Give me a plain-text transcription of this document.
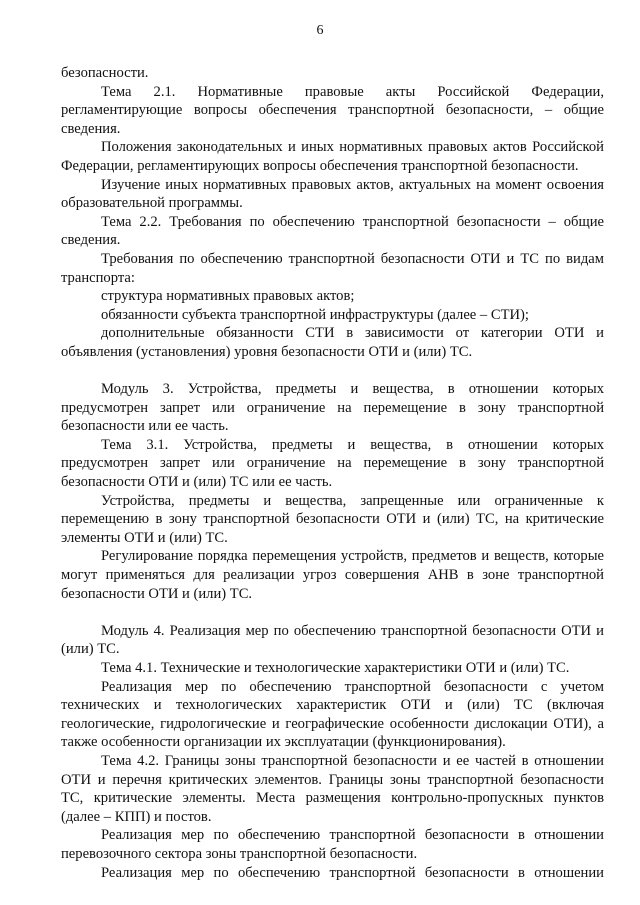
6

безопасности.

Тема 2.1. Нормативные правовые акты Российской Федерации, регламентирующие вопросы обеспечения транспортной безопасности, – общие сведения.

Положения законодательных и иных нормативных правовых актов Российской Федерации, регламентирующих вопросы обеспечения транспортной безопасности.

Изучение иных нормативных правовых актов, актуальных на момент освоения образовательной программы.

Тема 2.2. Требования по обеспечению транспортной безопасности – общие сведения.

Требования по обеспечению транспортной безопасности ОТИ и ТС по видам транспорта:

структура нормативных правовых актов;

обязанности субъекта транспортной инфраструктуры (далее – СТИ);

дополнительные обязанности СТИ в зависимости от категории ОТИ и объявления (установления) уровня безопасности ОТИ и (или) ТС.

Модуль 3. Устройства, предметы и вещества, в отношении которых предусмотрен запрет или ограничение на перемещение в зону транспортной безопасности или ее часть.

Тема 3.1. Устройства, предметы и вещества, в отношении которых предусмотрен запрет или ограничение на перемещение в зону транспортной безопасности ОТИ и (или) ТС или ее часть.

Устройства, предметы и вещества, запрещенные или ограниченные к перемещению в зону транспортной безопасности ОТИ и (или) ТС, на критические элементы ОТИ и (или) ТС.

Регулирование порядка перемещения устройств, предметов и веществ, которые могут применяться для реализации угроз совершения АНВ в зоне транспортной безопасности ОТИ и (или) ТС.

Модуль 4. Реализация мер по обеспечению транспортной безопасности ОТИ и (или) ТС.

Тема 4.1. Технические и технологические характеристики ОТИ и (или) ТС.

Реализация мер по обеспечению транспортной безопасности с учетом технических и технологических характеристик ОТИ и (или) ТС (включая геологические, гидрологические и географические особенности дислокации ОТИ), а также особенности организации их эксплуатации (функционирования).

Тема 4.2. Границы зоны транспортной безопасности и ее частей в отношении ОТИ и перечня критических элементов. Границы зоны транспортной безопасности ТС, критические элементы. Места размещения контрольно-пропускных пунктов (далее – КПП) и постов.

Реализация мер по обеспечению транспортной безопасности в отношении перевозочного сектора зоны транспортной безопасности.

Реализация мер по обеспечению транспортной безопасности в отношении
